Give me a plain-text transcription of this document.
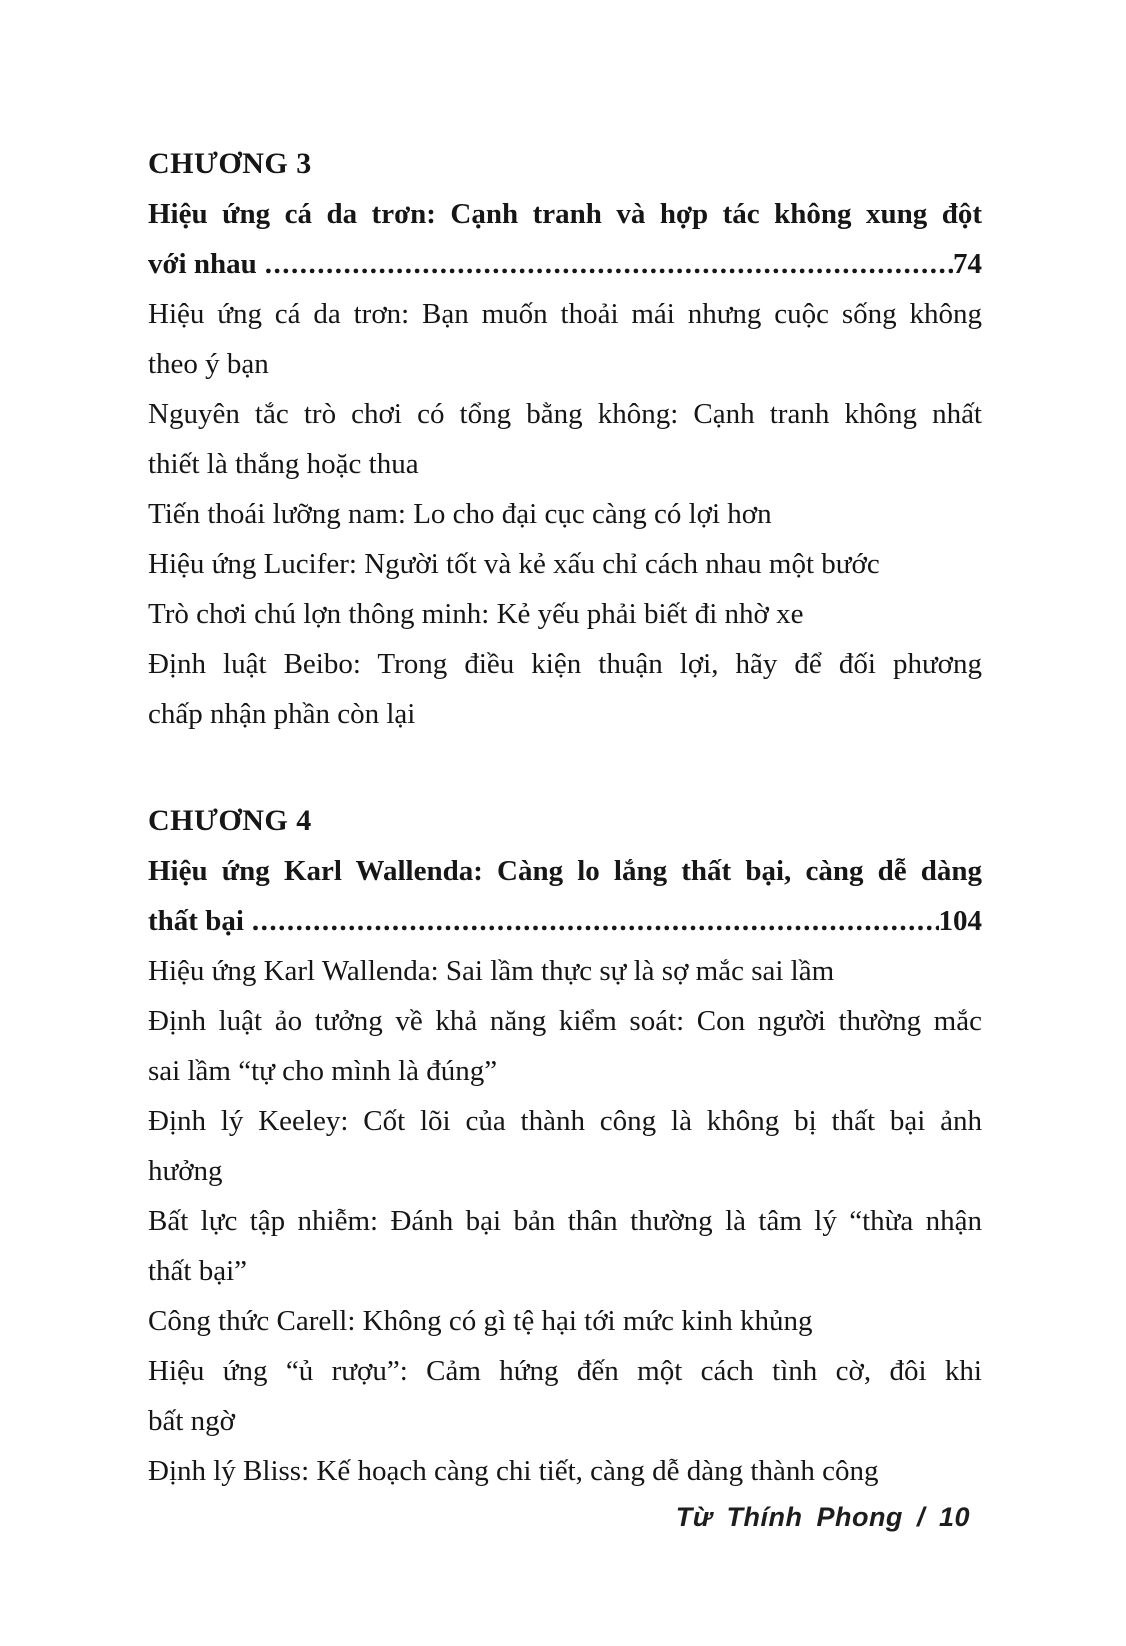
CHƯƠNG 3
Hiệu ứng cá da trơn: Cạnh tranh và hợp tác không xung đột
với nhau .....	74
Hiệu ứng cá da trơn: Bạn muốn thoải mái nhưng cuộc sống không
theo ý bạn
Nguyên tắc trò chơi có tổng bằng không: Cạnh tranh không nhất
thiết là thắng hoặc thua
Tiến thoái lưỡng nam: Lo cho đại cục càng có lợi hơn
Hiệu ứng Lucifer: Người tốt và kẻ xấu chỉ cách nhau một bước
Trò chơi chú lợn thông minh: Kẻ yếu phải biết đi nhờ xe
Định luật Beibo: Trong điều kiện thuận lợi, hãy để đối phương
chấp nhận phần còn lại
CHƯƠNG 4
Hiệu ứng Karl Wallenda: Càng lo lắng thất bại, càng dễ dàng
thất bại .....	104
Hiệu ứng Karl Wallenda: Sai lầm thực sự là sợ mắc sai lầm
Định luật ảo tưởng về khả năng kiểm soát: Con người thường mắc
sai lầm “tự cho mình là đúng”
Định lý Keeley: Cốt lõi của thành công là không bị thất bại ảnh
hưởng
Bất lực tập nhiễm: Đánh bại bản thân thường là tâm lý “thừa nhận
thất bại”
Công thức Carell: Không có gì tệ hại tới mức kinh khủng
Hiệu ứng “ủ rượu”: Cảm hứng đến một cách tình cờ, đôi khi
bất ngờ
Định lý Bliss: Kế hoạch càng chi tiết, càng dễ dàng thành công
Từ Thính Phong / 10
